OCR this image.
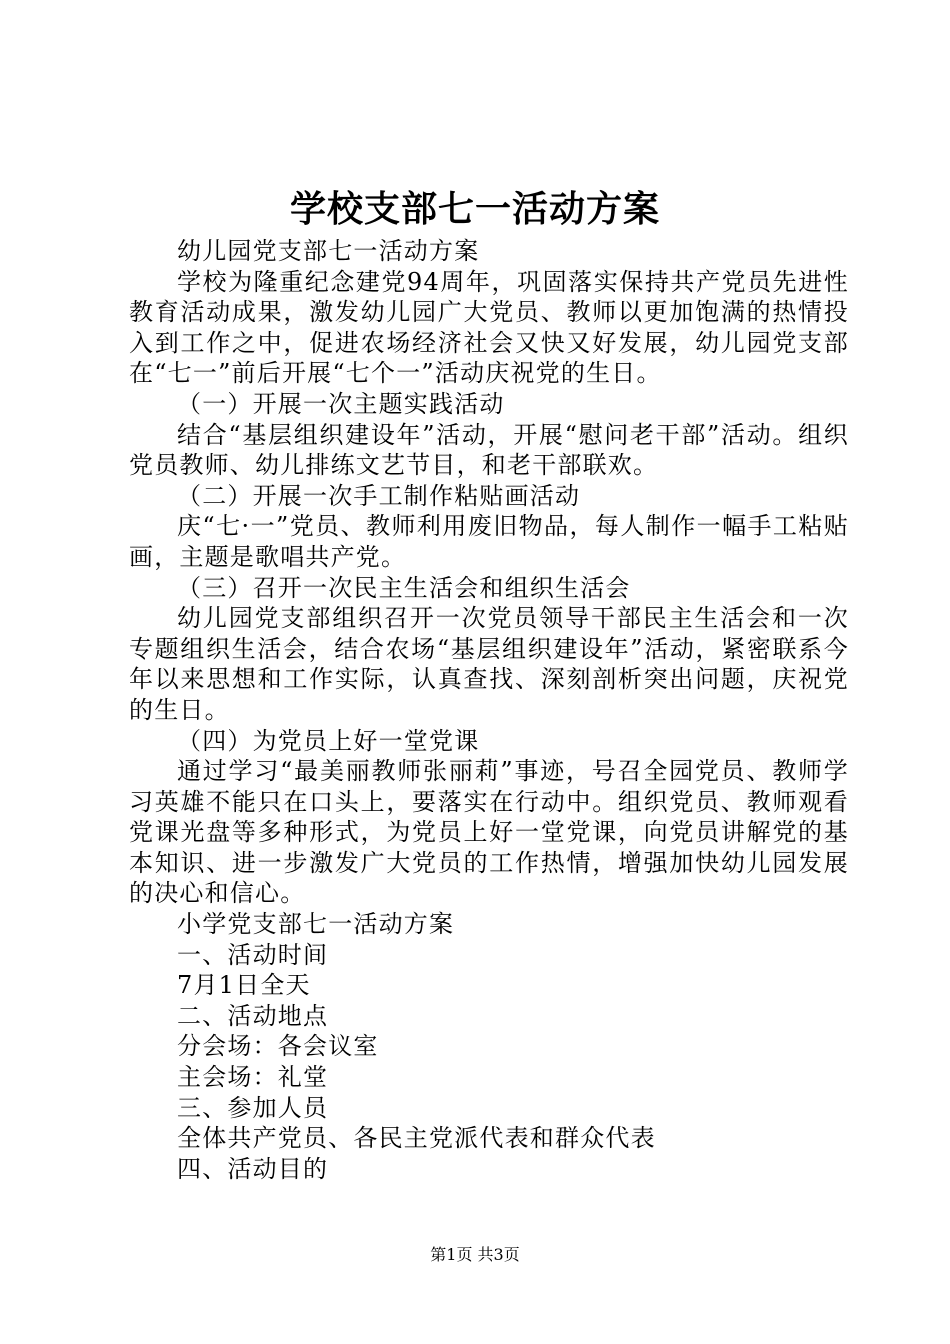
学校支部七一活动方案

幼儿园党支部七一活动方案

学校为隆重纪念建党94周年，巩固落实保持共产党员先进性教育活动成果，激发幼儿园广大党员、教师以更加饱满的热情投入到工作之中，促进农场经济社会又快又好发展，幼儿园党支部在“七一”前后开展“七个一”活动庆祝党的生日。

（一）开展一次主题实践活动

结合“基层组织建设年”活动，开展“慰问老干部”活动。组织党员教师、幼儿排练文艺节目，和老干部联欢。

（二）开展一次手工制作粘贴画活动

庆“七·一”党员、教师利用废旧物品，每人制作一幅手工粘贴画，主题是歌唱共产党。

（三）召开一次民主生活会和组织生活会

幼儿园党支部组织召开一次党员领导干部民主生活会和一次专题组织生活会，结合农场“基层组织建设年”活动，紧密联系今年以来思想和工作实际，认真查找、深刻剖析突出问题，庆祝党的生日。

（四）为党员上好一堂党课

通过学习“最美丽教师张丽莉”事迹，号召全园党员、教师学习英雄不能只在口头上，要落实在行动中。组织党员、教师观看党课光盘等多种形式，为党员上好一堂党课，向党员讲解党的基本知识、进一步激发广大党员的工作热情，增强加快幼儿园发展的决心和信心。

小学党支部七一活动方案

一、活动时间

7月1日全天

二、活动地点

分会场：各会议室

主会场：礼堂

三、参加人员

全体共产党员、各民主党派代表和群众代表

四、活动目的

第1页 共3页
